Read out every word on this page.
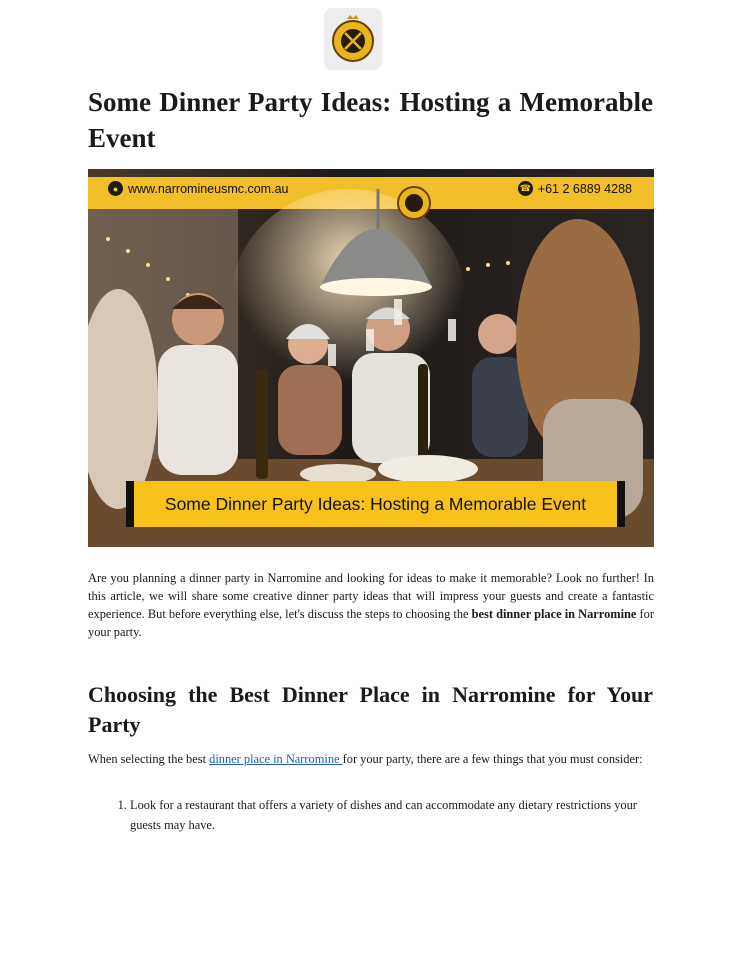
Some Dinner Party Ideas: Hosting a Memorable Event
● www.narromineusmc.com.au	☎ +61 2 6889 4288
Some Dinner Party Ideas: Hosting a Memorable Event

Are you planning a dinner party in Narromine and looking for ideas to make it memorable? Look no further! In this article, we will share some creative dinner party ideas that will impress your guests and create a fantastic experience. But before everything else, let's discuss the steps to choosing the best dinner place in Narromine for your party.

Choosing the Best Dinner Place in Narromine for Your Party

When selecting the best dinner place in Narromine for your party, there are a few things that you must consider:

1. Look for a restaurant that offers a variety of dishes and can accommodate any dietary restrictions your guests may have.
